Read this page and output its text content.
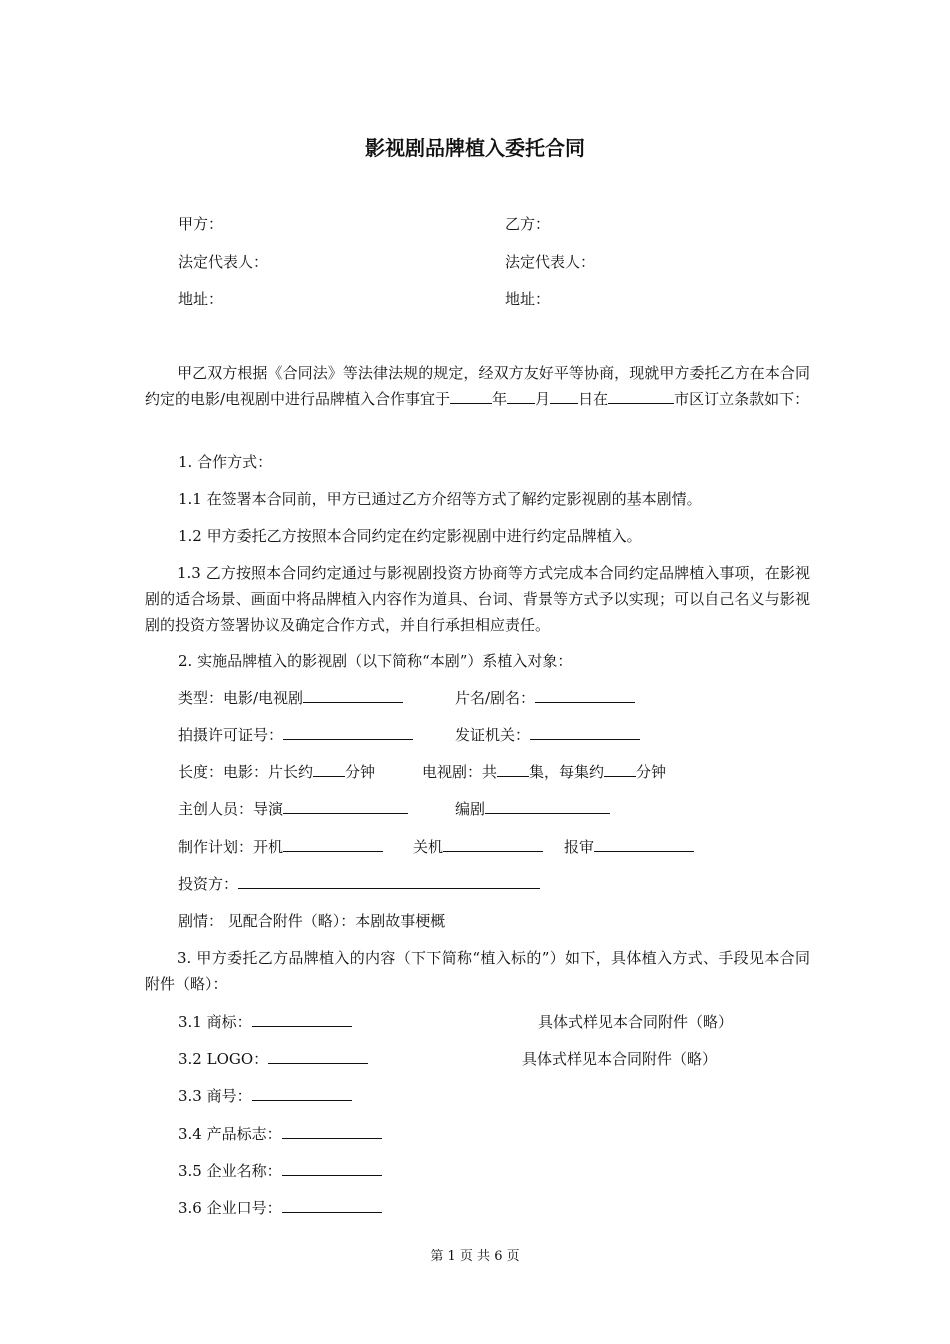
影视剧品牌植入委托合同
甲方：	乙方：
法定代表人：	法定代表人：
地址：	地址：
甲乙双方根据《合同法》等法律法规的规定，经双方友好平等协商，现就甲方委托乙方在本合同约定的电影/电视剧中进行品牌植入合作事宜于	年 月 日在	市区订立条款如下：
1. 合作方式：
1.1 在签署本合同前，甲方已通过乙方介绍等方式了解约定影视剧的基本剧情。
1.2 甲方委托乙方按照本合同约定在约定影视剧中进行约定品牌植入。
1.3 乙方按照本合同约定通过与影视剧投资方协商等方式完成本合同约定品牌植入事项，在影视剧的适合场景、画面中将品牌植入内容作为道具、台词、背景等方式予以实现；可以自己名义与影视剧的投资方签署协议及确定合作方式，并自行承担相应责任。
2. 实施品牌植入的影视剧（以下简称“本剧”）系植入对象：
类型：电影/电视剧	片名/剧名：
拍摄许可证号：	发证机关：
长度：电影：片长约 分钟	电视剧：共 集，每集约 分钟
主创人员：导演	编剧
制作计划：开机	关机	报审
投资方：
剧情： 见配合附件（略）：本剧故事梗概
3. 甲方委托乙方品牌植入的内容（下下简称“植入标的”）如下，具体植入方式、手段见本合同附件（略）：
3.1 商标：	具体式样见本合同附件（略）
3.2 LOGO：	具体式样见本合同附件（略）
3.3 商号：
3.4 产品标志：
3.5 企业名称：
3.6 企业口号：
第 1 页 共 6 页
